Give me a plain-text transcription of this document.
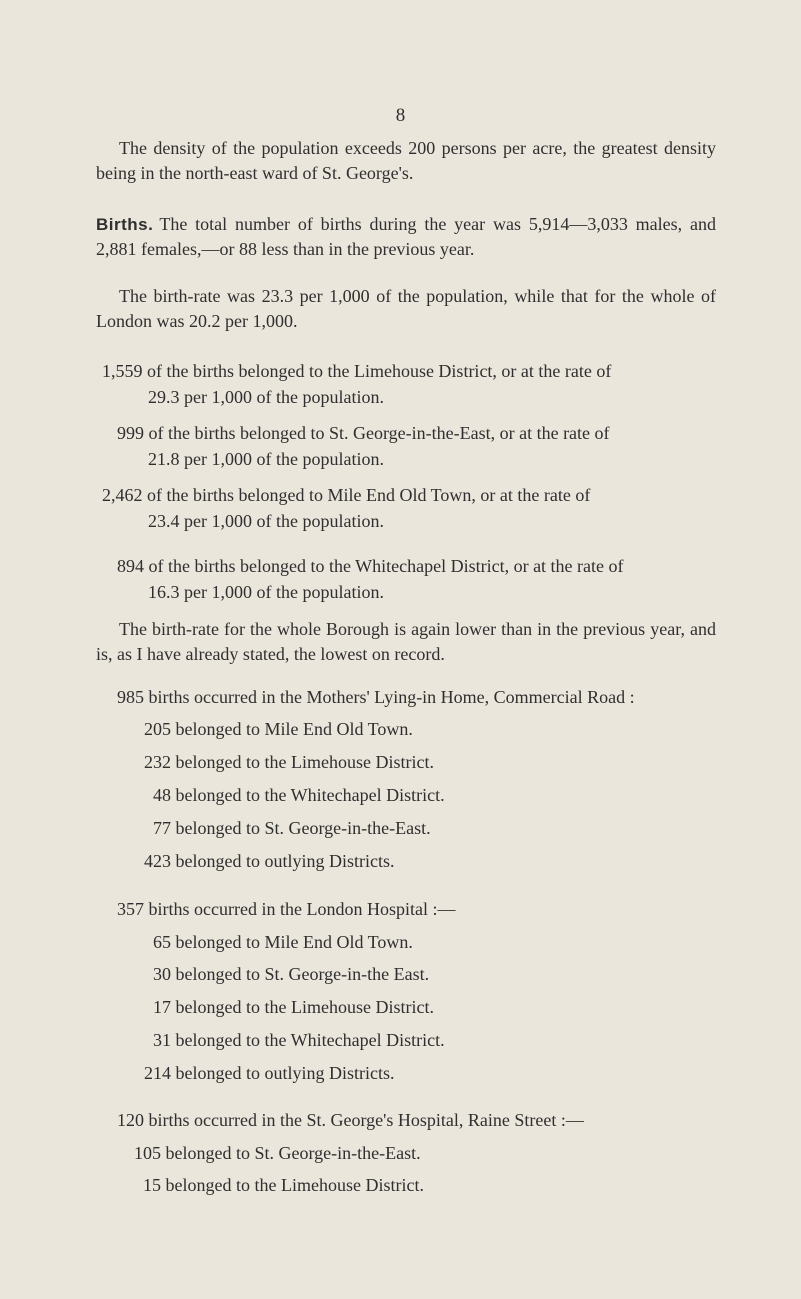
8
The density of the population exceeds 200 persons per acre, the greatest density being in the north-east ward of St. George's.
Births. The total number of births during the year was 5,914—3,033 males, and 2,881 females,—or 88 less than in the previous year.
The birth-rate was 23.3 per 1,000 of the population, while that for the whole of London was 20.2 per 1,000.
1,559 of the births belonged to the Limehouse District, or at the rate of
29.3 per 1,000 of the population.
999 of the births belonged to St. George-in-the-East, or at the rate of
21.8 per 1,000 of the population.
2,462 of the births belonged to Mile End Old Town, or at the rate of
23.4 per 1,000 of the population.
894 of the births belonged to the Whitechapel District, or at the rate of
16.3 per 1,000 of the population.
The birth-rate for the whole Borough is again lower than in the previous year, and is, as I have already stated, the lowest on record.
985 births occurred in the Mothers' Lying-in Home, Commercial Road :
205 belonged to Mile End Old Town.
232 belonged to the Limehouse District.
48 belonged to the Whitechapel District.
77 belonged to St. George-in-the-East.
423 belonged to outlying Districts.
357 births occurred in the London Hospital :—
65 belonged to Mile End Old Town.
30 belonged to St. George-in-the East.
17 belonged to the Limehouse District.
31 belonged to the Whitechapel District.
214 belonged to outlying Districts.
120 births occurred in the St. George's Hospital, Raine Street :—
105 belonged to St. George-in-the-East.
15 belonged to the Limehouse District.
